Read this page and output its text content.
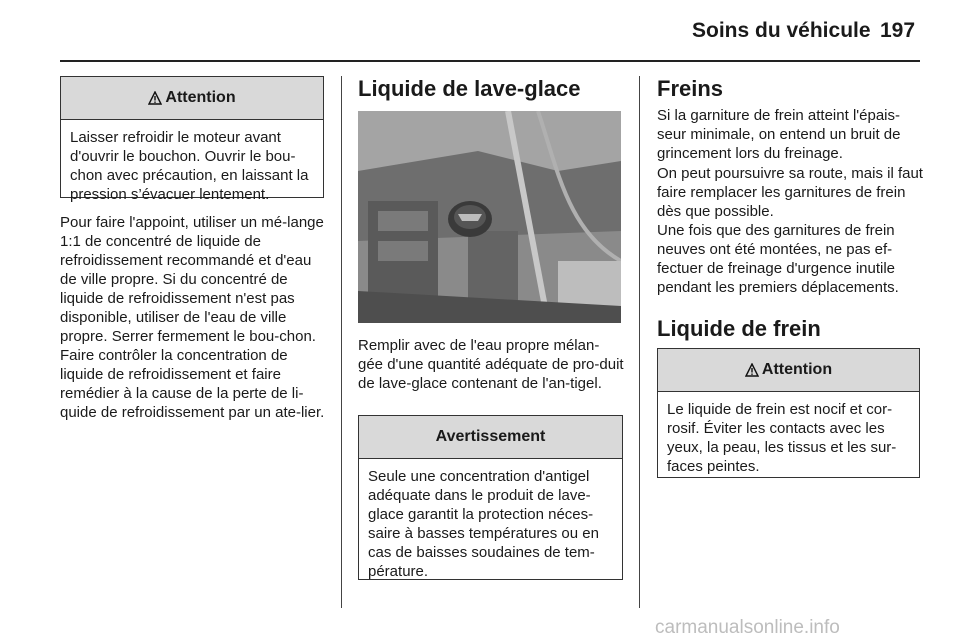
Soins du véhicule 197
Attention
Laisser refroidir le moteur avant d'ouvrir le bouchon. Ouvrir le bou-chon avec précaution, en laissant la pression s’évacuer lentement.

Pour faire l'appoint, utiliser un mé-lange 1:1 de concentré de liquide de refroidissement recommandé et d'eau de ville propre. Si du concentré de liquide de refroidissement n'est pas disponible, utiliser de l'eau de ville propre. Serrer fermement le bou-chon. Faire contrôler la concentration de liquide de refroidissement et faire remédier à la cause de la perte de li-quide de refroidissement par un ate-lier.

Liquide de lave-glace

Remplir avec de l'eau propre mélan-gée d'une quantité adéquate de pro-duit de lave-glace contenant de l'an-tigel.

Avertissement
Seule une concentration d'antigel adéquate dans le produit de lave-glace garantit la protection néces-saire à basses températures ou en cas de baisses soudaines de tem-pérature.
Freins

Si la garniture de frein atteint l'épais-seur minimale, on entend un bruit de grincement lors du freinage.

On peut poursuivre sa route, mais il faut faire remplacer les garnitures de frein dès que possible.

Une fois que des garnitures de frein neuves ont été montées, ne pas ef-fectuer de freinage d'urgence inutile pendant les premiers déplacements.

Liquide de frein
Attention
Le liquide de frein est nocif et cor-rosif. Éviter les contacts avec les yeux, la peau, les tissus et les sur-faces peintes.
carmanualsonline.info
